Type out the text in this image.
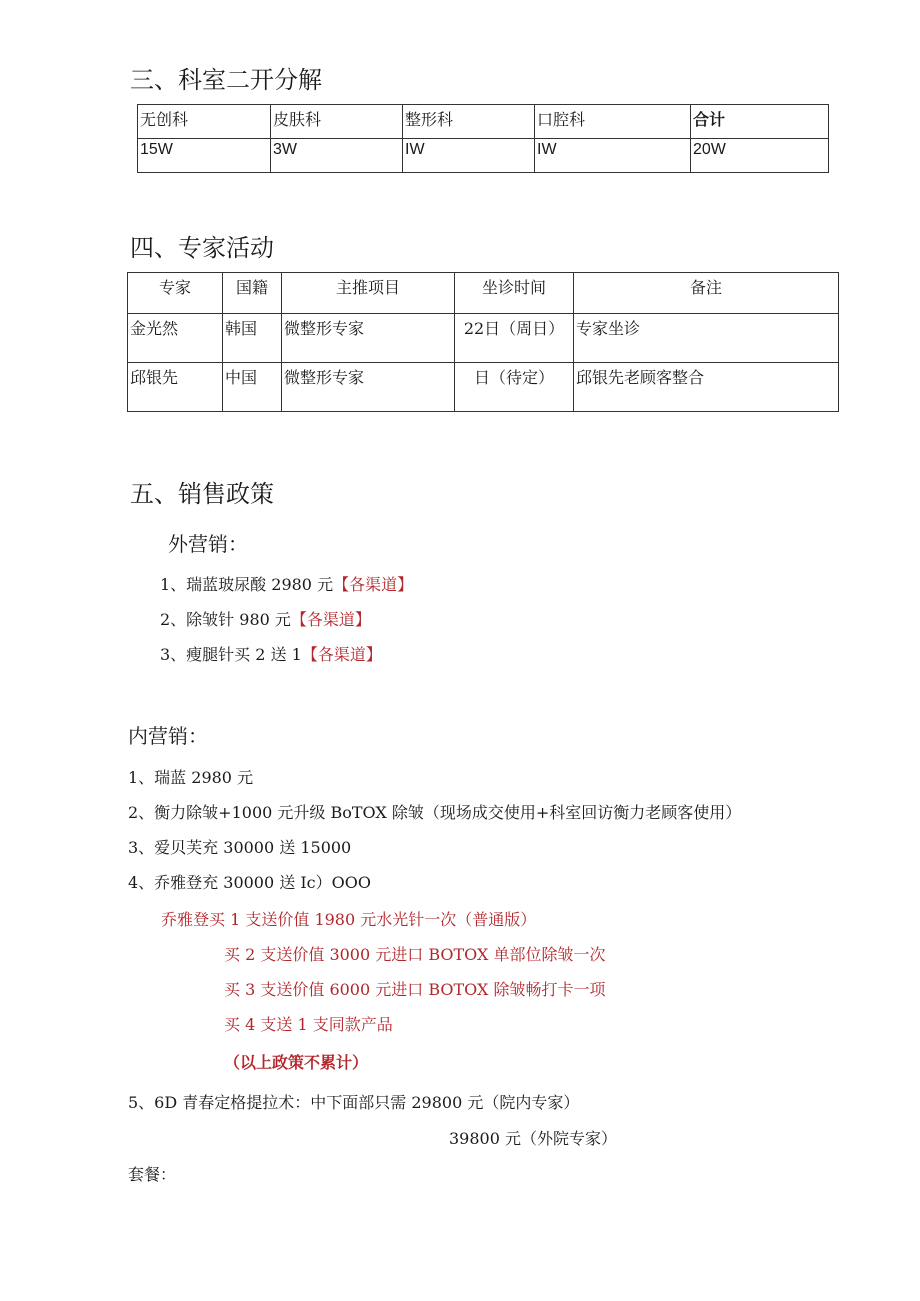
三、科室二开分解
无创科	皮肤科	整形科	口腔科	合计
15W	3W	IW	IW	20W
四、专家活动
专家	国籍	主推项目	坐诊时间	备注
金光然	韩国	微整形专家	22日（周日）	专家坐诊
邱银先	中国	微整形专家	日（待定）	邱银先老顾客整合
五、销售政策
外营销：
1、瑞蓝玻尿酸 2980 元【各渠道】
2、除皱针 980 元【各渠道】
3、瘦腿针买 2 送 1【各渠道】
内营销：
1、瑞蓝 2980 元
2、衡力除皱+1000 元升级 BoTOX 除皱（现场成交使用+科室回访衡力老顾客使用）
3、爱贝芙充 30000 送 15000
4、乔雅登充 30000 送 Ic）OOO
乔雅登买 1 支送价值 1980 元水光针一次（普通版）
买 2 支送价值 3000 元进口 BOTOX 单部位除皱一次
买 3 支送价值 6000 元进口 BOTOX 除皱畅打卡一项
买 4 支送 1 支同款产品
（以上政策不累计）
5、6D 青春定格提拉术：中下面部只需 29800 元（院内专家）
39800 元（外院专家）
套餐：
